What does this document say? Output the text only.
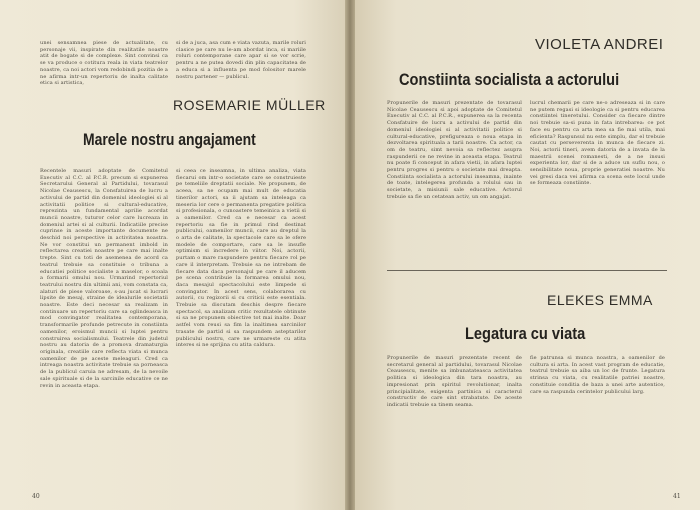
unei sensamnea piese de actualitate, cu personaje vii, inspirate din realitatile noastre atit de bogate si de complexe. Sint convinsi ca se va produce o cotitura reala in viata teatrelor noastre, ca noi actori vom redobindi pozitia de a ne afirma intr-un repertoriu de inalta calitate etica si artistica,
si de a juca, asa cum e viata vazuta, marile roluri clasice pe care nu le-am abordat inca, si mariile roluri contemporane care apar si se vor scrie, pentru a ne putea dovedi din plin capacitatea de a educa si a influenta pe mod folositor marele nostru partener — publicul.
ROSEMARIE MÜLLER
Marele nostru angajament
Recentele masuri adoptate de Comitetul Executiv al C.C. al P.C.R. precum si expunerea Secretarului General al Partidului, tovarasul Nicolae Ceausescu, la Consfatuirea de lucru a activului de partid din domeniul ideologiei si al activitatii politice si cultural-educative, reprezinta un fundamental aprilie acordat muncii noastre, tuturor celor care lucreaza in domeniul artei si al culturii. Indicatiile precise cuprinse in aceste importante documente ne deschid noi perspective in activitatea noastra. Ne vor constitui un permanent imbold in reflectarea creatiei noastre pe care mai inalte trepte. Sint cu toti de asemenea de acord ca teatrul trebuie sa constituie o tribuna a educatiei politice socialiste a maselor, o scoala a formarii omului nou. Urmarind repertoriul teatrului nostru din ultimii ani, vom constata ca, alaturi de piese valoroase, s-au jucat si lucrari lipsite de mesaj, straine de idealurile societatii noastre. Este deci necesar sa realizam in continuare un repertoriu care sa oglindeasca in mod convingator realitatea contemporana, transformarile profunde petrecute in constiinta oamenilor, eroismul muncii si luptei pentru construirea socialismului. Teatrele din judetul nostru au datoria de a promova dramaturgia originala, creatiile care reflecta viata si munca oamenilor de pe aceste meleaguri. Cred ca intreaga noastra activitate trebuie sa porneasca de la publicul caruia ne adresam, de la nevoile sale spirituale si de la sarcinile educative ce ne revin in aceasta etapa.
si ceea ce inseamna, in ultima analiza, viata fiecarui om intr-o societate care se construieste pe temeliile dreptatii sociale. Ne propunem, de aceea, sa ne ocupam mai mult de educatia tinerilor actori, sa ii ajutam sa inteleaga ca meseria lor cere o permanenta pregatire politica si profesionala, o cunoastere temeinica a vietii si a oamenilor. Cred ca e necesar ca acest repertoriu sa fie in primul rind destinat publicului, oamenilor muncii, care au dreptul la o arta de calitate, la spectacole care sa le ofere modele de comportare, care sa le insufle optimism si incredere in viitor. Noi, actorii, purtam o mare raspundere pentru fiecare rol pe care il interpretam. Trebuie sa ne intrebam de fiecare data daca personajul pe care il aducem pe scena contribuie la formarea omului nou, daca mesajul spectacolului este limpede si convingator. In acest sens, colaborarea cu autorii, cu regizorii si cu criticii este esentiala. Trebuie sa discutam deschis despre fiecare spectacol, sa analizam critic rezultatele obtinute si sa ne propunem obiective tot mai inalte. Doar astfel vom reusi sa fim la inaltimea sarcinilor trasate de partid si sa raspundem asteptarilor publicului nostru, care ne urmareste cu atita interes si ne sprijina cu atita caldura.
40
VIOLETA ANDREI
Constiinta socialista a actorului
Propunerile de masuri prezentate de tovarasul Nicolae Ceausescu si apoi adoptate de Comitetul Executiv al C.C. al P.C.R., expunerea sa la recenta Consfatuire de lucru a activului de partid din domeniul ideologiei si al activitatii politice si cultural-educative, prefigureaza o noua etapa in dezvoltarea spirituala a tarii noastre. Ca actor, ca om de teatru, simt nevoia sa reflectez asupra raspunderii ce ne revine in aceasta etapa. Teatrul nu poate fi conceput in afara vietii, in afara luptei pentru progres si pentru o societate mai dreapta. Constiinta socialista a actorului inseamna, inainte de toate, intelegerea profunda a rolului sau in societate, a misiunii sale educative. Actorul trebuie sa fie un cetatean activ, un om angajat.
lucrul chemarii pe care ne-o adreseaza si in care ne putem regasi si ideologie ca si pentru educarea constiintei tineretului. Consider ca fiecare dintre noi trebuie sa-si puna in fata intrebarea: ce pot face eu pentru ca arta mea sa fie mai utila, mai eficienta? Raspunsul nu este simplu, dar el trebuie cautat cu perseverenta in munca de fiecare zi. Noi, actorii tineri, avem datoria de a invata de la maestrii scenei romanesti, de a ne insusi experienta lor, dar si de a aduce un suflu nou, o sensibilitate noua, proprie generatiei noastre. Nu vei gresi daca vei afirma ca scena este locul unde se formeaza constiinte.
ELEKES EMMA
Legatura cu viata
Propunerile de masuri prezentate recent de secretarul general al partidului, tovarasul Nicolae Ceausescu, menite sa imbunatateasca activitatea politica si ideologica din tara noastra, au impresionat prin spiritul revolutionar, inalta principialitate, exigenta partinica si caracterul constructiv de care sint strabatute. De aceste indicatii trebuie sa tinem seama.
fie patrunsa si munca noastra, a oamenilor de cultura si arta. In acest vast program de educatie, teatrul trebuie sa aiba un loc de frunte. Legatura strinsa cu viata, cu realitatile patriei noastre, constituie conditia de baza a unei arte autentice, care sa raspunda cerintelor publicului larg.
41
